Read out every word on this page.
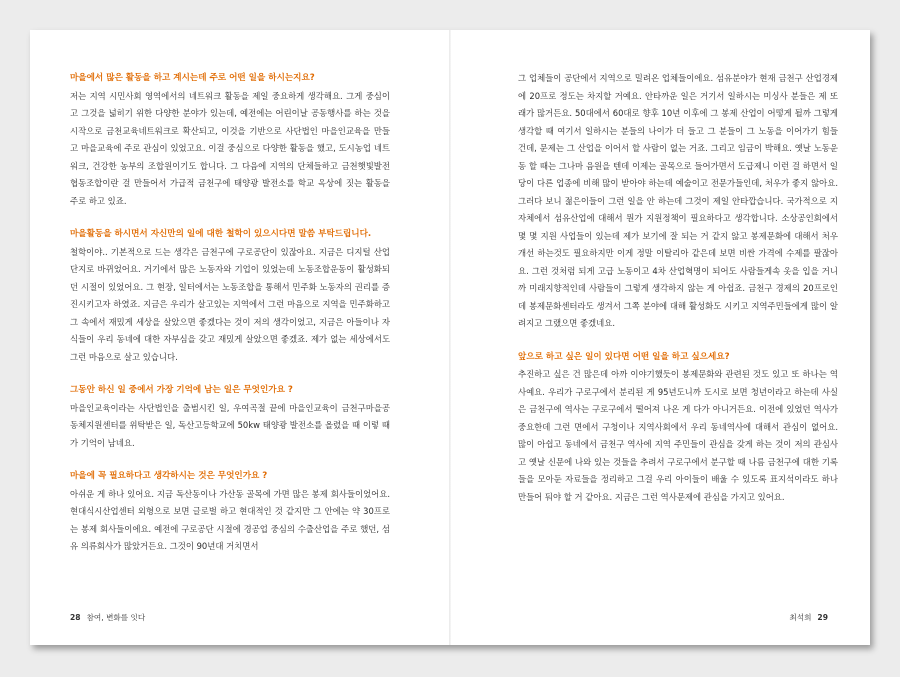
마을에서 많은 활동을 하고 계시는데 주로 어떤 일을 하시는지요?

저는 지역 시민사회 영역에서의 네트워크 활동을 제일 중요하게 생각해요. 그게 중심이고 그것을 넓히기 위한 다양한 분야가 있는데, 예전에는 어린이날 공동행사를 하는 것을 시작으로 금천교육네트워크로 확산되고, 이것을 기반으로 사단법인 마을인교육을 만들고 마을교육에 주로 관심이 있었고요. 이걸 중심으로 다양한 활동을 했고, 도시농업 네트워크, 건강한 농부의 조합원이기도 합니다. 그 다음에 지역의 단체들하고 금천햇빛발전협동조합이란 걸 만들어서 가급적 금천구에 태양광 발전소를 학교 옥상에 짓는 활동을 주로 하고 있죠.

마을활동을 하시면서 자신만의 일에 대한 철학이 있으시다면 말씀 부탁드립니다.

철학이야.. 기본적으로 드는 생각은 금천구에 구로공단이 있잖아요. 지금은 디지털 산업 단지로 바뀌었어요. 거기에서 많은 노동자와 기업이 있었는데 노동조합운동이 활성화되던 시절이 있었어요. 그 현장, 일터에서는 노동조합을 통해서 민주화 노동자의 권리를 증진시키고자 하였죠. 지금은 우리가 살고있는 지역에서 그런 마음으로 지역을 민주화하고 그 속에서 재밌게 세상을 살았으면 좋겠다는 것이 저의 생각이었고, 지금은 아들이나 자식들이 우리 동네에 대한 자부심을 갖고 재밌게 살았으면 좋겠죠. 제가 없는 세상에서도 그런 마음으로 살고 있습니다.

그동안 하신 일 중에서 가장 기억에 남는 일은 무엇인가요 ?

마을인교육이라는 사단법인을 출범시킨 일, 우여곡절 끝에 마을인교육이 금천구마을공동체지원센터를 위탁받은 일, 독산고등학교에 50kw 태양광 발전소를 올렸을 때 이렇 때가 기억이 남네요.

마을에 꼭 필요하다고 생각하시는 것은 무엇인가요 ?

아쉬운 게 하나 있어요. 지금 독산동이나 가산동 골목에 가면 많은 봉제 회사들이었어요. 현대식시산업센터 외형으로 보면 글로벌 하고 현대적인 것 같지만 그 안에는 약 30프로는 봉제 회사들이에요. 예전에 구로공단 시절에 경공업 중심의 수출산업을 주로 했던, 섬유 의류회사가 많았거든요. 그것이 90년대 거치면서

그 업체들이 공단에서 지역으로 밀려온 업체들이에요. 섬유분야가 현재 금천구 산업경제에 20프로 정도는 차지할 거예요. 안타까운 일은 거기서 일하시는 미싱사 분들은 제 또래가 많거든요. 50대에서 60대로 향후 10년 이후에 그 봉제 산업이 어떻게 될까 그렇게 생각할 때 여기서 일하시는 분들의 나이가 더 들고 그 분들이 그 노동을 이어가기 힘들 건데, 문제는 그 산업을 이어서 할 사람이 없는 거죠. 그리고 임금이 박해요. 옛날 노동운동 할 때는 그나마 음원을 텐데 이제는 골목으로 들어가면서 도급제니 이런 걸 하면서 일당이 다른 업종에 비해 많이 받아야 하는데 예술이고 전문가들인데, 처우가 좋지 않아요. 그러다 보니 젊은이들이 그런 일을 안 하는데 그것이 제일 안타깝습니다. 국가적으로 지자체에서 섬유산업에 대해서 뭔가 지원정책이 필요하다고 생각합니다. 소상공인회에서 몇 몇 지원 사업들이 있는데 제가 보기에 잘 되는 거 같지 않고 봉제문화에 대해서 처우개선 하는것도 필요하지만 이게 정말 이탈리아 같은데 보면 비싼 가격에 수제를 팔잖아요. 그런 것처럼 되게 고급 노동이고 4차 산업혁명이 되어도 사람들게속 옷을 입을 거니까 미래지향적인데 사람들이 그렇게 생각하지 않는 게 아쉽죠. 금천구 경제의 20프로인데 봉제문화센터라도 생겨서 그쪽 분야에 대해 활성화도 시키고 지역주민들에게 많이 알려지고 그랬으면 좋겠네요.

앞으로 하고 싶은 일이 있다면 어떤 일을 하고 싶으세요?

추진하고 싶은 건 많은데 아까 이야기했듯이 봉제문화와 관련된 것도 있고 또 하나는 역사예요. 우리가 구로구에서 분리된 게 95년도니까 도시로 보면 청년이라고 하는데 사실은 금천구에 역사는 구로구에서 떨어져 나온 게 다가 아니거든요. 이전에 있었던 역사가 중요한데 그런 면에서 구청이나 지역사회에서 우리 동네역사에 대해서 관심이 없어요. 많이 아쉽고 동네에서 금천구 역사에 지역 주민들이 관심을 갖게 하는 것이 저의 관심사고 옛날 신문에 나와 있는 것들을 추려서 구로구에서 분구할 때 나름 금천구에 대한 기록들을 모아둔 자료들을 정리하고 그걸 우리 아이들이 배울 수 있도록 표지석이라도 하나 만들어 둬야 할 거 같아요. 지금은 그런 역사문제에 관심을 가지고 있어요.

28 참여, 변화를 잇다	최석희 29
